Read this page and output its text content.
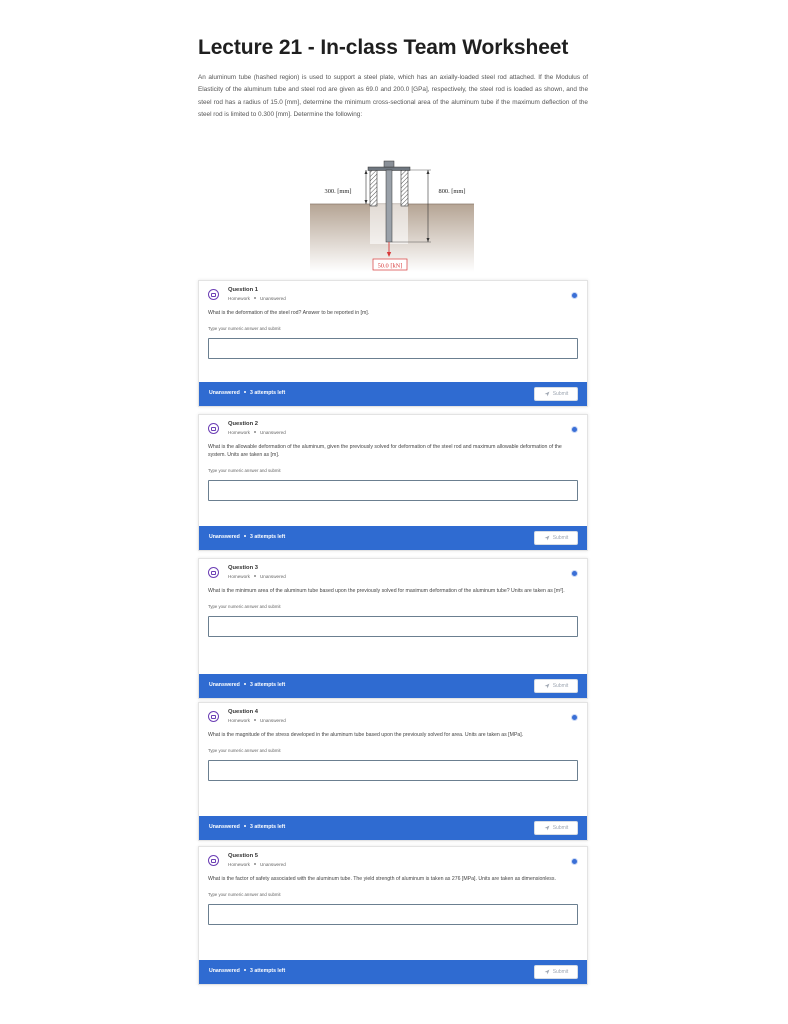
Lecture 21 - In-class Team Worksheet
An aluminum tube (hashed region) is used to support a steel plate, which has an axially-loaded steel rod attached. If the Modulus of Elasticity of the aluminum tube and steel rod are given as 69.0 and 200.0 [GPa], respectively, the steel rod is loaded as shown, and the steel rod has a radius of 15.0 [mm], determine the minimum cross-sectional area of the aluminum tube if the maximum deflection of the steel rod is limited to 0.300 [mm]. Determine the following:
50.0 [kN]
300. [mm]	800. [mm]
Question 1
Homework Unanswered
What is the deformation of the steel rod? Answer to be reported in [m].
Type your numeric answer and submit
Unanswered 3 attempts left	Submit
Question 2
Homework Unanswered
What is the allowable deformation of the aluminum, given the previously solved for deformation of the steel rod and maximum allowable deformation of the system. Units are taken as [m].
Type your numeric answer and submit
Unanswered 3 attempts left	Submit
Question 3
Homework Unanswered
What is the minimum area of the aluminum tube based upon the previously solved for maximum deformation of the aluminum tube? Units are taken as [m²].
Type your numeric answer and submit
Unanswered 3 attempts left	Submit
Question 4
Homework Unanswered
What is the magnitude of the stress developed in the aluminum tube based upon the previously solved for area. Units are taken as [MPa].
Type your numeric answer and submit
Unanswered 3 attempts left	Submit
Question 5
Homework Unanswered
What is the factor of safety associated with the aluminum tube. The yield strength of aluminum is taken as 276 [MPa]. Units are taken as dimensionless.
Type your numeric answer and submit
Unanswered 3 attempts left	Submit
